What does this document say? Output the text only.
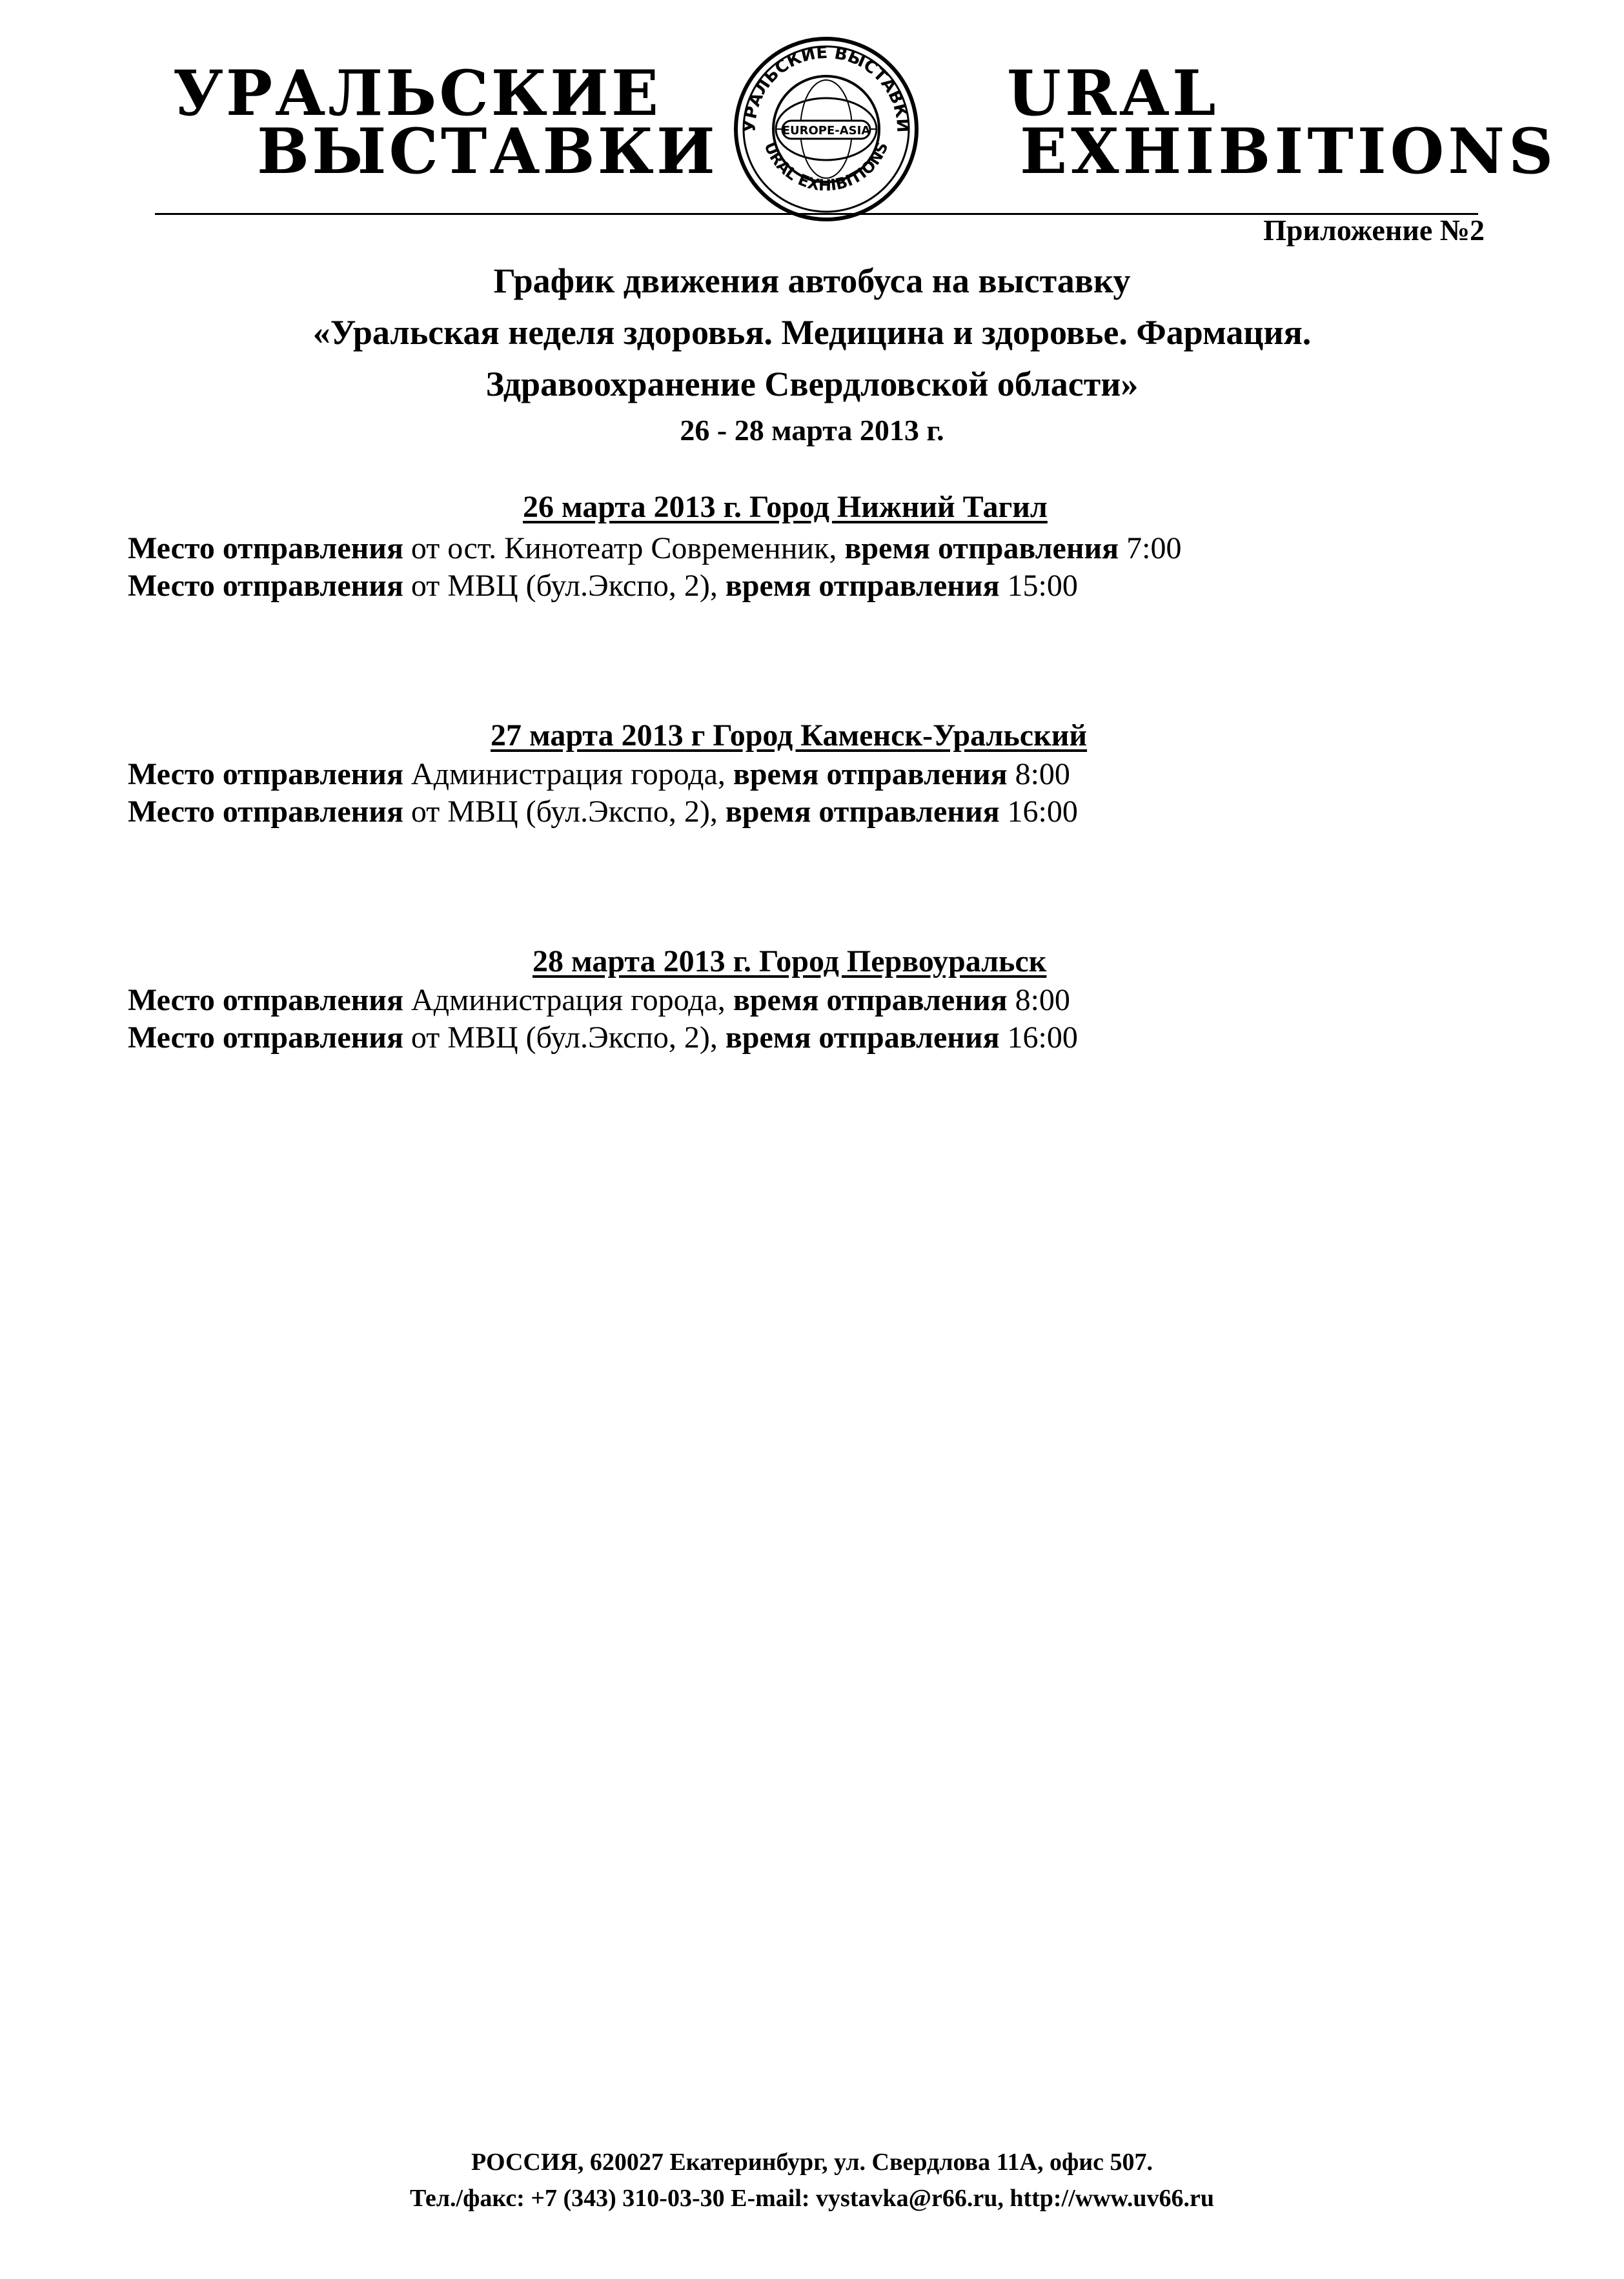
УРАЛЬСКИЕ
ВЫСТАВКИ УРАЛЬСКИЕ ВЫСТАВКИ
URAL EXHIBITIONS
EUROPE-ASIA
URAL
EXHIBITIONS
Приложение №2
График движения автобуса на выставку
«Уральская неделя здоровья. Медицина и здоровье. Фармация.
Здравоохранение Свердловской области»
26 - 28 марта 2013 г.
26 марта 2013 г. Город Нижний Тагил
Место отправления от ост. Кинотеатр Современник, время отправления 7:00
Место отправления от МВЦ (бул.Экспо, 2), время отправления 15:00
27 марта 2013 г Город Каменск-Уральский
Место отправления Администрация города, время отправления 8:00
Место отправления от МВЦ (бул.Экспо, 2), время отправления 16:00
28 марта 2013 г. Город Первоуральск
Место отправления Администрация города, время отправления 8:00
Место отправления от МВЦ (бул.Экспо, 2), время отправления 16:00
РОССИЯ, 620027 Екатеринбург, ул. Свердлова 11А, офис 507.
Тел./факс: +7 (343) 310-03-30 E-mail: vystavka@r66.ru, http://www.uv66.ru
